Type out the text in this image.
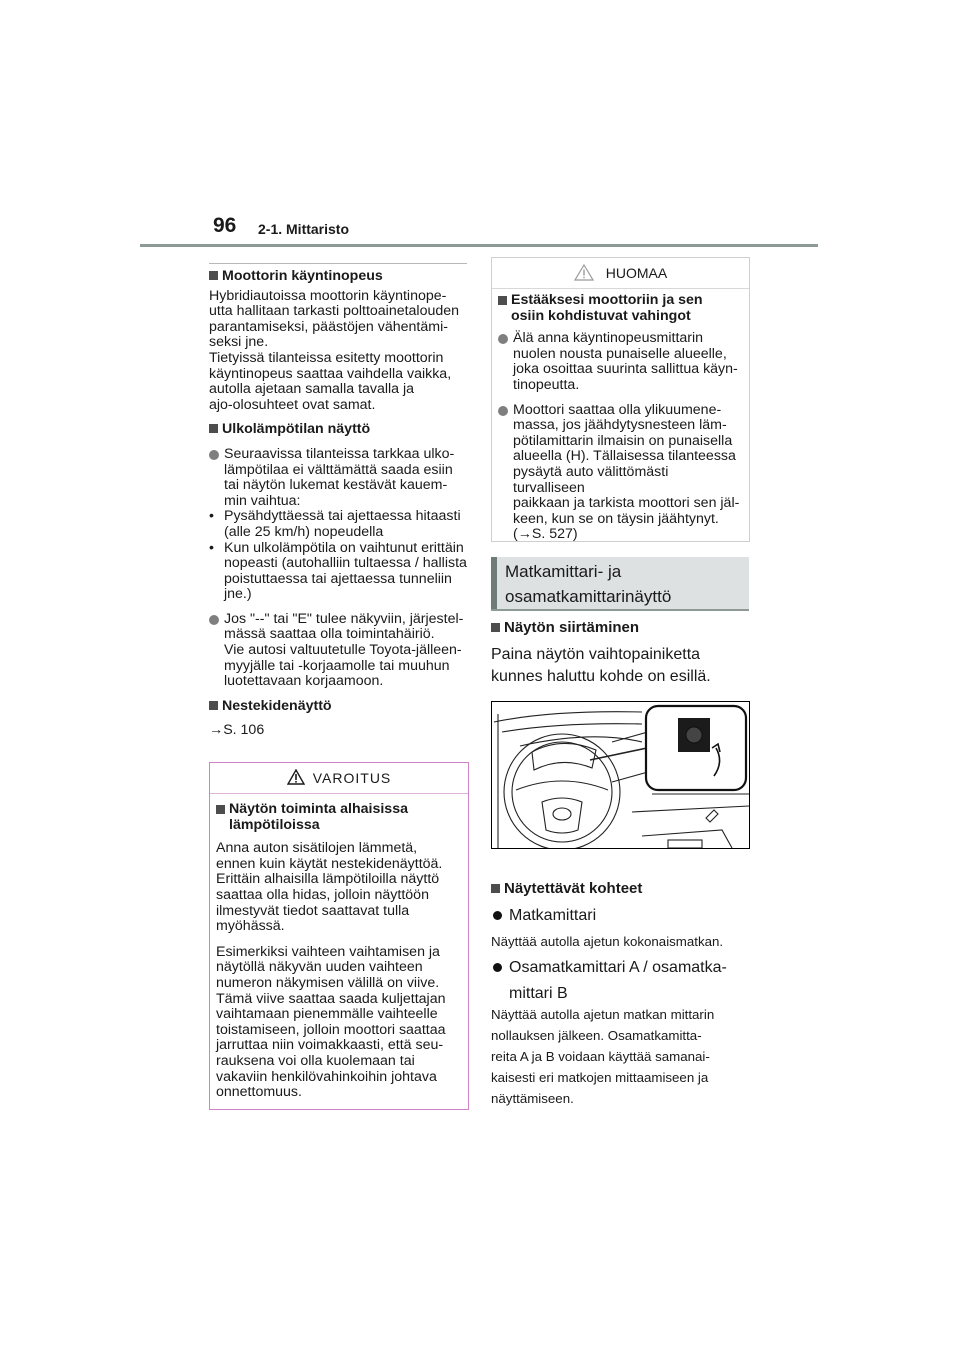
96 2-1. Mittaristo

Moottorin käyntinopeus

Hybridiautoissa moottorin käyntinope-

utta hallitaan tarkasti polttoainetalouden

parantamiseksi, päästöjen vähentämi-

seksi jne.

Tietyissä tilanteissa esitetty moottorin

käyntinopeus saattaa vaihdella vaikka,

autolla ajetaan samalla tavalla ja

ajo-olosuhteet ovat samat.

Ulkolämpötilan näyttö

Seuraavissa tilanteissa tarkkaa ulko-

lämpötilaa ei välttämättä saada esiin

tai näytön lukemat kestävät kauem-

min vaihtua:

• Pysähdyttäessä tai ajettaessa hitaasti

(alle 25 km/h) nopeudella

• Kun ulkolämpötila on vaihtunut erittäin

nopeasti (autohalliin tultaessa / hallista

poistuttaessa tai ajettaessa tunneliin

jne.)

Jos "--" tai "E" tulee näkyviin, järjestel-

mässä saattaa olla toimintahäiriö.

Vie autosi valtuutetulle Toyota-jälleen-

myyjälle tai -korjaamolle tai muuhun

luotettavaan korjaamoon.

Nestekidenäyttö

→S. 106

VAROITUS

Näytön toiminta alhaisissa

lämpötiloissa

Anna auton sisätilojen lämmetä,

ennen kuin käytät nestekidenäyttöä.

Erittäin alhaisilla lämpötiloilla näyttö

saattaa olla hidas, jolloin näyttöön

ilmestyvät tiedot saattavat tulla

myöhässä.

Esimerkiksi vaihteen vaihtamisen ja

näytöllä näkyvän uuden vaihteen

numeron näkymisen välillä on viive.

Tämä viive saattaa saada kuljettajan

vaihtamaan pienemmälle vaihteelle

toistamiseen, jolloin moottori saattaa

jarruttaa niin voimakkaasti, että seu-

rauksena voi olla kuolemaan tai

vakaviin henkilövahinkoihin johtava

onnettomuus.

HUOMAA

Estääksesi moottoriin ja sen

osiin kohdistuvat vahingot

Älä anna käyntinopeusmittarin

nuolen nousta punaiselle alueelle,

joka osoittaa suurinta sallittua käyn-

tinopeutta.

Moottori saattaa olla ylikuumene-

massa, jos jäähdytysnesteen läm-

pötilamittarin ilmaisin on punaisella

alueella (H). Tällaisessa tilanteessa

pysäytä auto välittömästi turvalliseen

paikkaan ja tarkista moottori sen jäl-

keen, kun se on täysin jäähtynyt.

(→S. 527)

Matkamittari- ja

osamatkamittarinäyttö

Näytön siirtäminen

Paina näytön vaihtopainiketta

kunnes haluttu kohde on esillä.

Näytettävät kohteet

Matkamittari

Näyttää autolla ajetun kokonaismatkan.

Osamatkamittari A / osamatka-

mittari B

Näyttää autolla ajetun matkan mittarin

nollauksen jälkeen. Osamatkamitta-

reita A ja B voidaan käyttää samanai-

kaisesti eri matkojen mittaamiseen ja

näyttämiseen.
